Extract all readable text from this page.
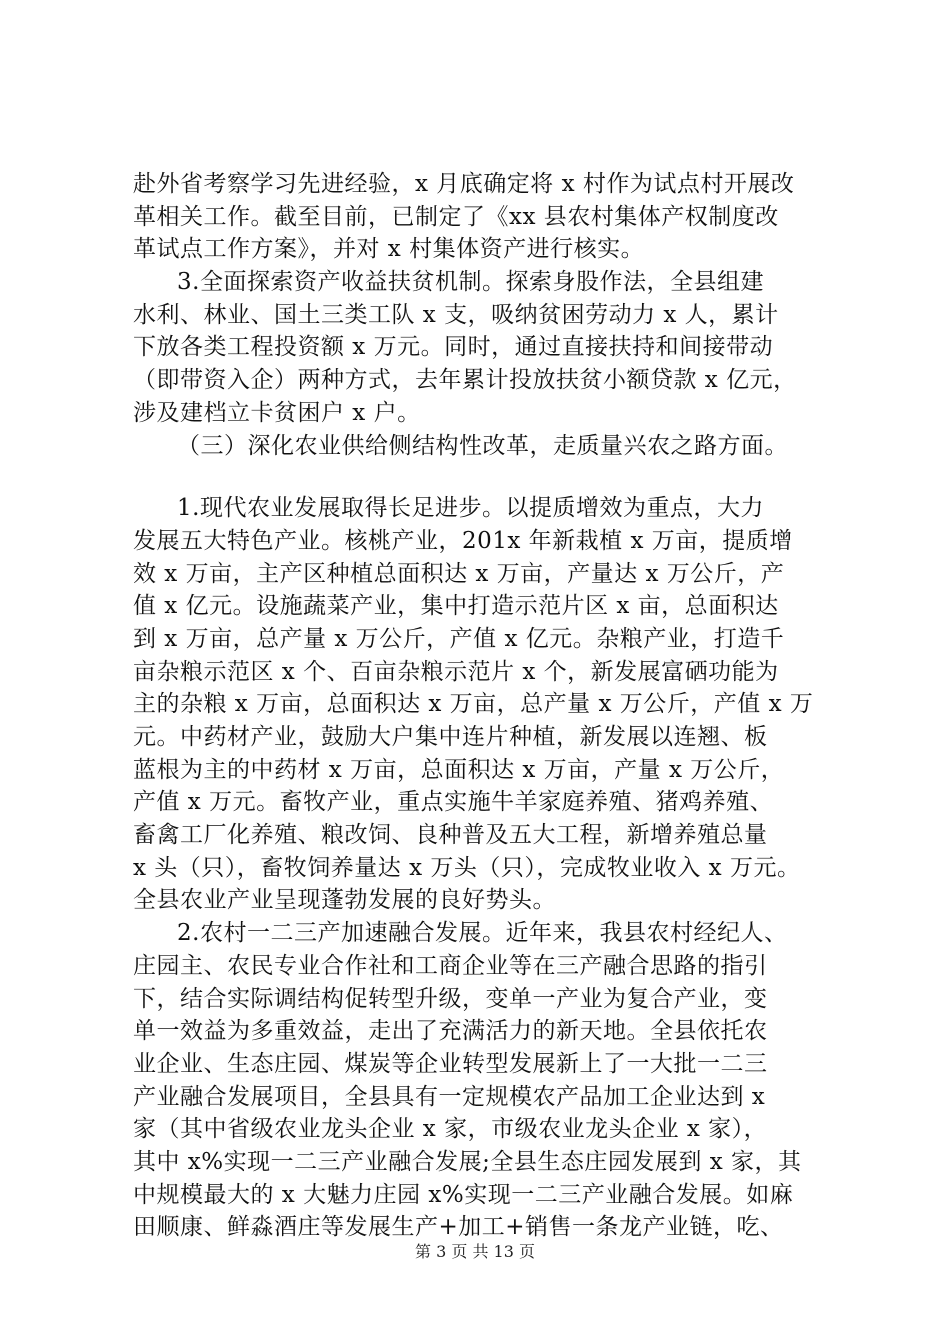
赴外省考察学习先进经验，x 月底确定将 x 村作为试点村开展改
革相关工作。截至目前，已制定了《xx 县农村集体产权制度改
革试点工作方案》，并对 x 村集体资产进行核实。
3.全面探索资产收益扶贫机制。探索身股作法，全县组建
水利、林业、国土三类工队 x 支，吸纳贫困劳动力 x 人，累计
下放各类工程投资额 x 万元。同时，通过直接扶持和间接带动
（即带资入企）两种方式，去年累计投放扶贫小额贷款 x 亿元，
涉及建档立卡贫困户 x 户。
（三）深化农业供给侧结构性改革，走质量兴农之路方面。
1.现代农业发展取得长足进步。以提质增效为重点，大力
发展五大特色产业。核桃产业，201x 年新栽植 x 万亩，提质增
效 x 万亩，主产区种植总面积达 x 万亩，产量达 x 万公斤，产
值 x 亿元。设施蔬菜产业，集中打造示范片区 x 亩，总面积达
到 x 万亩，总产量 x 万公斤，产值 x 亿元。杂粮产业，打造千
亩杂粮示范区 x 个、百亩杂粮示范片 x 个，新发展富硒功能为
主的杂粮 x 万亩，总面积达 x 万亩，总产量 x 万公斤，产值 x 万
元。中药材产业，鼓励大户集中连片种植，新发展以连翘、板
蓝根为主的中药材 x 万亩，总面积达 x 万亩，产量 x 万公斤，
产值 x 万元。畜牧产业，重点实施牛羊家庭养殖、猪鸡养殖、
畜禽工厂化养殖、粮改饲、良种普及五大工程，新增养殖总量
x 头（只），畜牧饲养量达 x 万头（只），完成牧业收入 x 万元。
全县农业产业呈现蓬勃发展的良好势头。
2.农村一二三产加速融合发展。近年来，我县农村经纪人、
庄园主、农民专业合作社和工商企业等在三产融合思路的指引
下，结合实际调结构促转型升级，变单一产业为复合产业，变
单一效益为多重效益，走出了充满活力的新天地。全县依托农
业企业、生态庄园、煤炭等企业转型发展新上了一大批一二三
产业融合发展项目，全县具有一定规模农产品加工企业达到 x
家（其中省级农业龙头企业 x 家，市级农业龙头企业 x 家），
其中 x%实现一二三产业融合发展;全县生态庄园发展到 x 家，其
中规模最大的 x 大魅力庄园 x%实现一二三产业融合发展。如麻
田顺康、鲜淼酒庄等发展生产+加工+销售一条龙产业链，吃、
第 3 页 共 13 页
